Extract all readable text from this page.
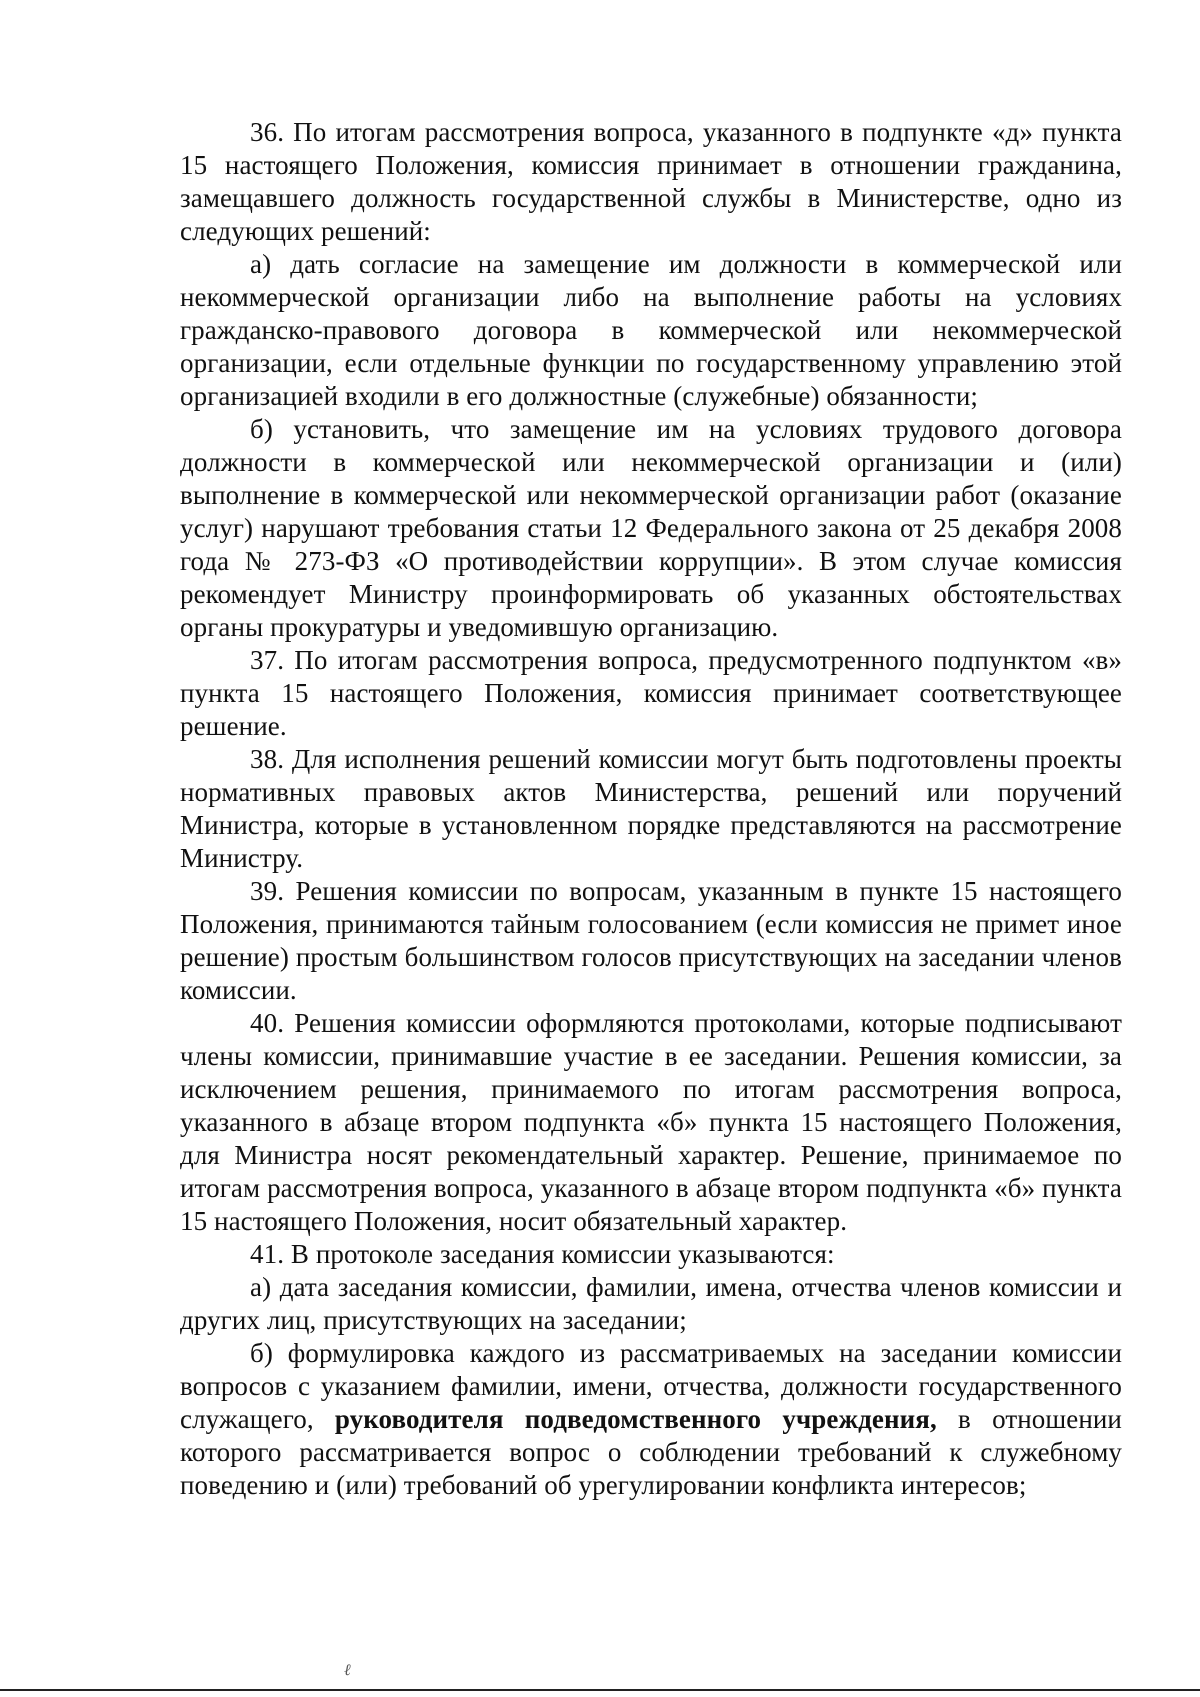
36. По итогам рассмотрения вопроса, указанного в подпункте «д» пункта 15 настоящего Положения, комиссия принимает в отношении гражданина, замещавшего должность государственной службы в Министерстве, одно из следующих решений:

а) дать согласие на замещение им должности в коммерческой или некоммерческой организации либо на выполнение работы на условиях гражданско-правового договора в коммерческой или некоммерческой организации, если отдельные функции по государственному управлению этой организацией входили в его должностные (служебные) обязанности;

б) установить, что замещение им на условиях трудового договора должности в коммерческой или некоммерческой организации и (или) выполнение в коммерческой или некоммерческой организации работ (оказание услуг) нарушают требования статьи 12 Федерального закона от 25 декабря 2008 года № 273-ФЗ «О противодействии коррупции». В этом случае комиссия рекомендует Министру проинформировать об указанных обстоятельствах органы прокуратуры и уведомившую организацию.

37. По итогам рассмотрения вопроса, предусмотренного подпунктом «в» пункта 15 настоящего Положения, комиссия принимает соответствующее решение.

38. Для исполнения решений комиссии могут быть подготовлены проекты нормативных правовых актов Министерства, решений или поручений Министра, которые в установленном порядке представляются на рассмотрение Министру.

39. Решения комиссии по вопросам, указанным в пункте 15 настоящего Положения, принимаются тайным голосованием (если комиссия не примет иное решение) простым большинством голосов присутствующих на заседании членов комиссии.

40. Решения комиссии оформляются протоколами, которые подписывают члены комиссии, принимавшие участие в ее заседании. Решения комиссии, за исключением решения, принимаемого по итогам рассмотрения вопроса, указанного в абзаце втором подпункта «б» пункта 15 настоящего Положения, для Министра носят рекомендательный характер. Решение, принимаемое по итогам рассмотрения вопроса, указанного в абзаце втором подпункта «б» пункта 15 настоящего Положения, носит обязательный характер.

41. В протоколе заседания комиссии указываются:

а) дата заседания комиссии, фамилии, имена, отчества членов комиссии и других лиц, присутствующих на заседании;

б) формулировка каждого из рассматриваемых на заседании комиссии вопросов с указанием фамилии, имени, отчества, должности государственного служащего, руководителя подведомственного учреждения, в отношении которого рассматривается вопрос о соблюдении требований к служебному поведению и (или) требований об урегулировании конфликта интересов;

ℓ
